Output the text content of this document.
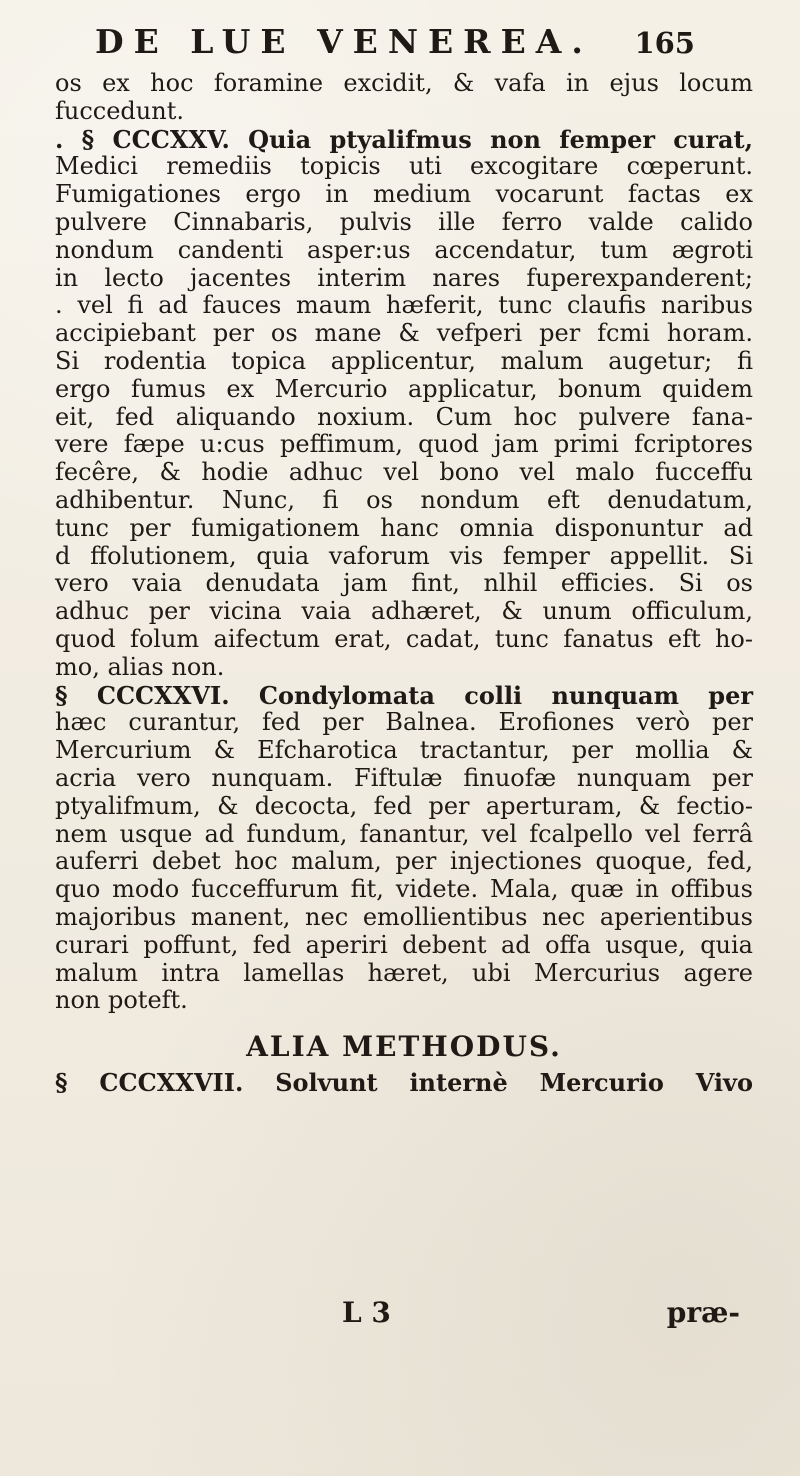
DE LUE VENEREA. 165
os ex hoc foramine excidit, & vafa in ejus locum
fuccedunt.
. § CCCXXV. Quia ptyalifmus non femper curat,
Medici remediis topicis uti excogitare cœperunt.
Fumigationes ergo in medium vocarunt factas ex
pulvere Cinnabaris, pulvis ille ferro valde calido
nondum candenti asper:us accendatur, tum ægroti
in lecto jacentes interim nares fuperexpanderent;
. vel fi ad fauces maum hæferit, tunc claufis naribus
accipiebant per os mane & vefperi per fcmi horam.
Si rodentia topica applicentur, malum augetur; fi
ergo fumus ex Mercurio applicatur, bonum quidem
eit, fed aliquando noxium. Cum hoc pulvere fana-
vere fæpe u:cus peffimum, quod jam primi fcriptores
fecêre, & hodie adhuc vel bono vel malo fucceffu
adhibentur. Nunc, fi os nondum eft denudatum,
tunc per fumigationem hanc omnia disponuntur ad
d ffolutionem, quia vaforum vis femper appellit. Si
vero vaia denudata jam fint, nlhil efficies. Si os
adhuc per vicina vaia adhæret, & unum officulum,
quod folum aifectum erat, cadat, tunc fanatus eft ho-
mo, alias non.
§ CCCXXVI. Condylomata colli nunquam per
hæc curantur, fed per Balnea. Erofiones verò per
Mercurium & Efcharotica tractantur, per mollia &
acria vero nunquam. Fiftulæ finuofæ nunquam per
ptyalifmum, & decocta, fed per aperturam, & fectio-
nem usque ad fundum, fanantur, vel fcalpello vel ferrâ
auferri debet hoc malum, per injectiones quoque, fed,
quo modo fucceffurum fit, videte. Mala, quæ in offibus
majoribus manent, nec emollientibus nec aperientibus
curari poffunt, fed aperiri debent ad offa usque, quia
malum intra lamellas hæret, ubi Mercurius agere
non poteft.
ALIA METHODUS.
§ CCCXXVII. Solvunt internè Mercurio Vivo
L 3	præ-
